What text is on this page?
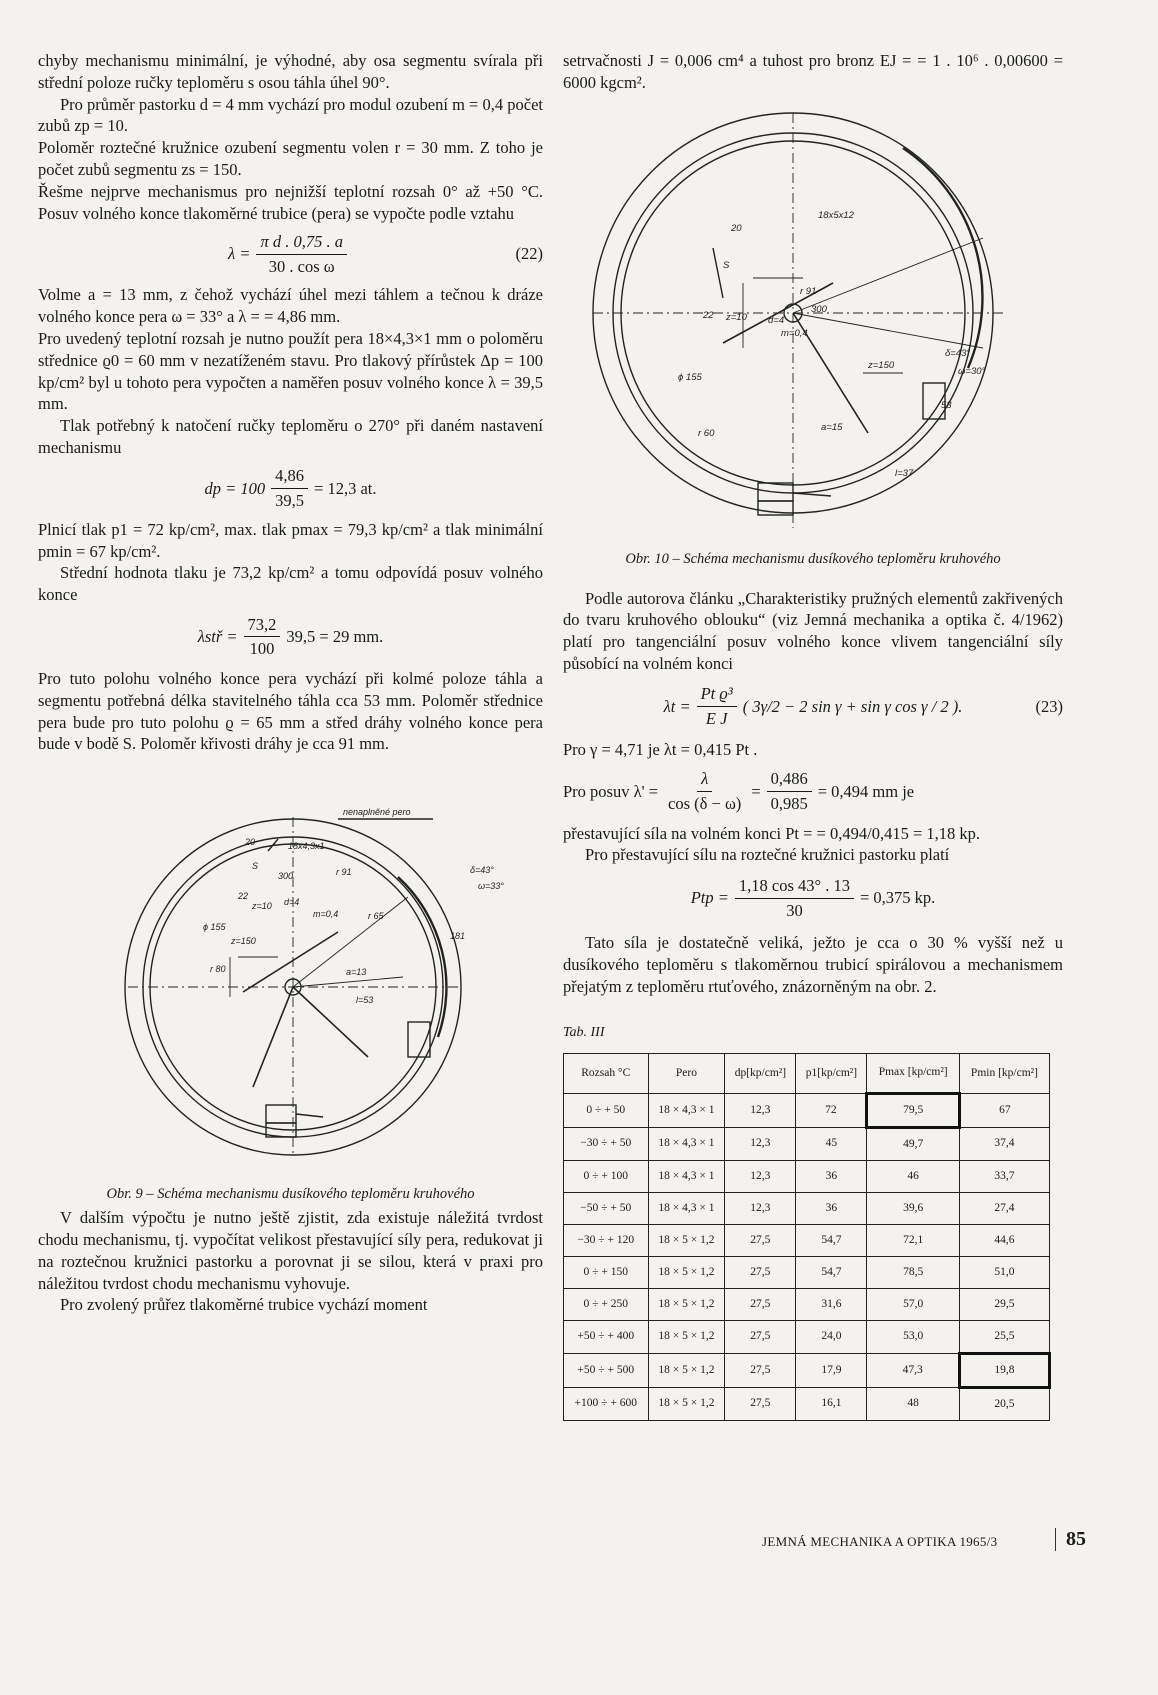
chyby mechanismu minimální, je výhodné, aby osa segmentu svírala při střední poloze ručky teploměru s osou táhla úhel 90°.

Pro průměr pastorku d = 4 mm vychází pro modul ozubení m = 0,4 počet zubů zp = 10.

Poloměr roztečné kružnice ozubení segmentu volen r = 30 mm. Z toho je počet zubů segmentu zs = 150.

Řešme nejprve mechanismus pro nejnižší teplotní rozsah 0° až +50 °C. Posuv volného konce tlakoměrné trubice (pera) se vypočte podle vztahu

$\lambda = \frac{\text{π d . 0,75 . a}}{\text{30 . cos ω}}$	(22)

Volme a = 13 mm, z čehož vychází úhel mezi táhlem a tečnou k dráze volného konce pera ω = 33° a λ = = 4,86 mm.

Pro uvedený teplotní rozsah je nutno použít pera 18×4,3×1 mm o poloměru střednice ϱ0 = 60 mm v nezatíženém stavu. Pro tlakový přírůstek Δp = 100 kp/cm² byl u tohoto pera vypočten a naměřen posuv volného konce λ = 39,5 mm.

Tlak potřebný k natočení ručky teploměru o 270° při daném nastavení mechanismu

dp = $100 \frac{4,86}{39,5} = 12,3$ at.

Plnicí tlak p1 = 72 kp/cm², max. tlak pmax = 79,3 kp/cm² a tlak minimální pmin = 67 kp/cm².

Střední hodnota tlaku je 73,2 kp/cm² a tomu odpovídá posuv volného konce

λstř = $\frac{73,2}{100} 39,5 = 29$ mm.

Pro tuto polohu volného konce pera vychází při kolmé poloze táhla a segmentu potřebná délka stavitelného táhla cca 53 mm. Poloměr střednice pera bude pro tuto polohu ϱ = 65 mm a střed dráhy volného konce pera bude v bodě S. Poloměr křivosti dráhy je cca 91 mm.

nenaplněné pero
20	18x4,3x1
S
300	r 91
22
d=4
m=0,4	r 65
z=10
ϕ 155
z=150
r 80	a=13
l=53
δ=43°
ω=33°
181

Obr. 9 – Schéma mechanismu dusíkového teploměru kruhového

V dalším výpočtu je nutno ještě zjistit, zda existuje náležitá tvrdost chodu mechanismu, tj. vypočítat velikost přestavující síly pera, redukovat ji na roztečnou kružnici pastorku a porovnat ji se silou, která v praxi pro náležitou tvrdost chodu mechanismu vyhovuje.

Pro zvolený průřez tlakoměrné trubice vychází moment

setrvačnosti J = 0,006 cm⁴ a tuhost pro bronz EJ = = 1 . 10⁶ . 0,00600 = 6000 kgcm².

18x5x12
20
S
r 91
300
22 z=10 d=4
m=0,4
z=150
ϕ 155
r 60
a=15
l=37
δ=43°
ω=30°
53

Obr. 10 – Schéma mechanismu dusíkového teploměru kruhového

Podle autorova článku „Charakteristiky pružných elementů zakřivených do tvaru kruhového oblouku“ (viz Jemná mechanika a optika č. 4/1962) platí pro tangenciální posuv volného konce vlivem tangenciální síly působící na volném konci

$\lambda t = \frac{\text{Pt ϱ³}}{\text{E J}}$ ( 3γ/2 − 2 sin γ + sin γ cos γ / 2 ).	(23)

Pro γ = 4,71 je λt = 0,415 Pt .

Pro posuv $\lambda' = \frac{\lambda}{\cos (\delta - \omega)} = \frac{0,486}{0,985} = 0,494$ mm je

přestavující síla na volném konci Pt = = 0,494/0,415 = 1,18 kp.

Pro přestavující sílu na roztečné kružnici pastorku platí

Ptp = $\frac{1,18 \cos 43^\circ . 13}{30} = 0,375$ kp.

Tato síla je dostatečně veliká, ježto je cca o 30 % vyšší než u dusíkového teploměru s tlakoměrnou trubicí spirálovou a mechanismem přejatým z teploměru rtuťového, znázorněným na obr. 2.

Tab. III

Rozsah °C	Pero	dp[kp/cm²]	p1[kp/cm²]	Pmax [kp/cm²]	Pmin [kp/cm²]
0 ÷ + 50	18 × 4,3 × 1	12,3	72	79,5	67
−30 ÷ + 50	18 × 4,3 × 1	12,3	45	49,7	37,4
0 ÷ + 100	18 × 4,3 × 1	12,3	36	46	33,7
−50 ÷ + 50	18 × 4,3 × 1	12,3	36	39,6	27,4
−30 ÷ + 120	18 × 5 × 1,2	27,5	54,7	72,1	44,6
0 ÷ + 150	18 × 5 × 1,2	27,5	54,7	78,5	51,0
0 ÷ + 250	18 × 5 × 1,2	27,5	31,6	57,0	29,5
+50 ÷ + 400	18 × 5 × 1,2	27,5	24,0	53,0	25,5
+50 ÷ + 500	18 × 5 × 1,2	27,5	17,9	47,3	19,8
+100 ÷ + 600	18 × 5 × 1,2	27,5	16,1	48	20,5
JEMNÁ MECHANIKA A OPTIKA 1965/3	85
